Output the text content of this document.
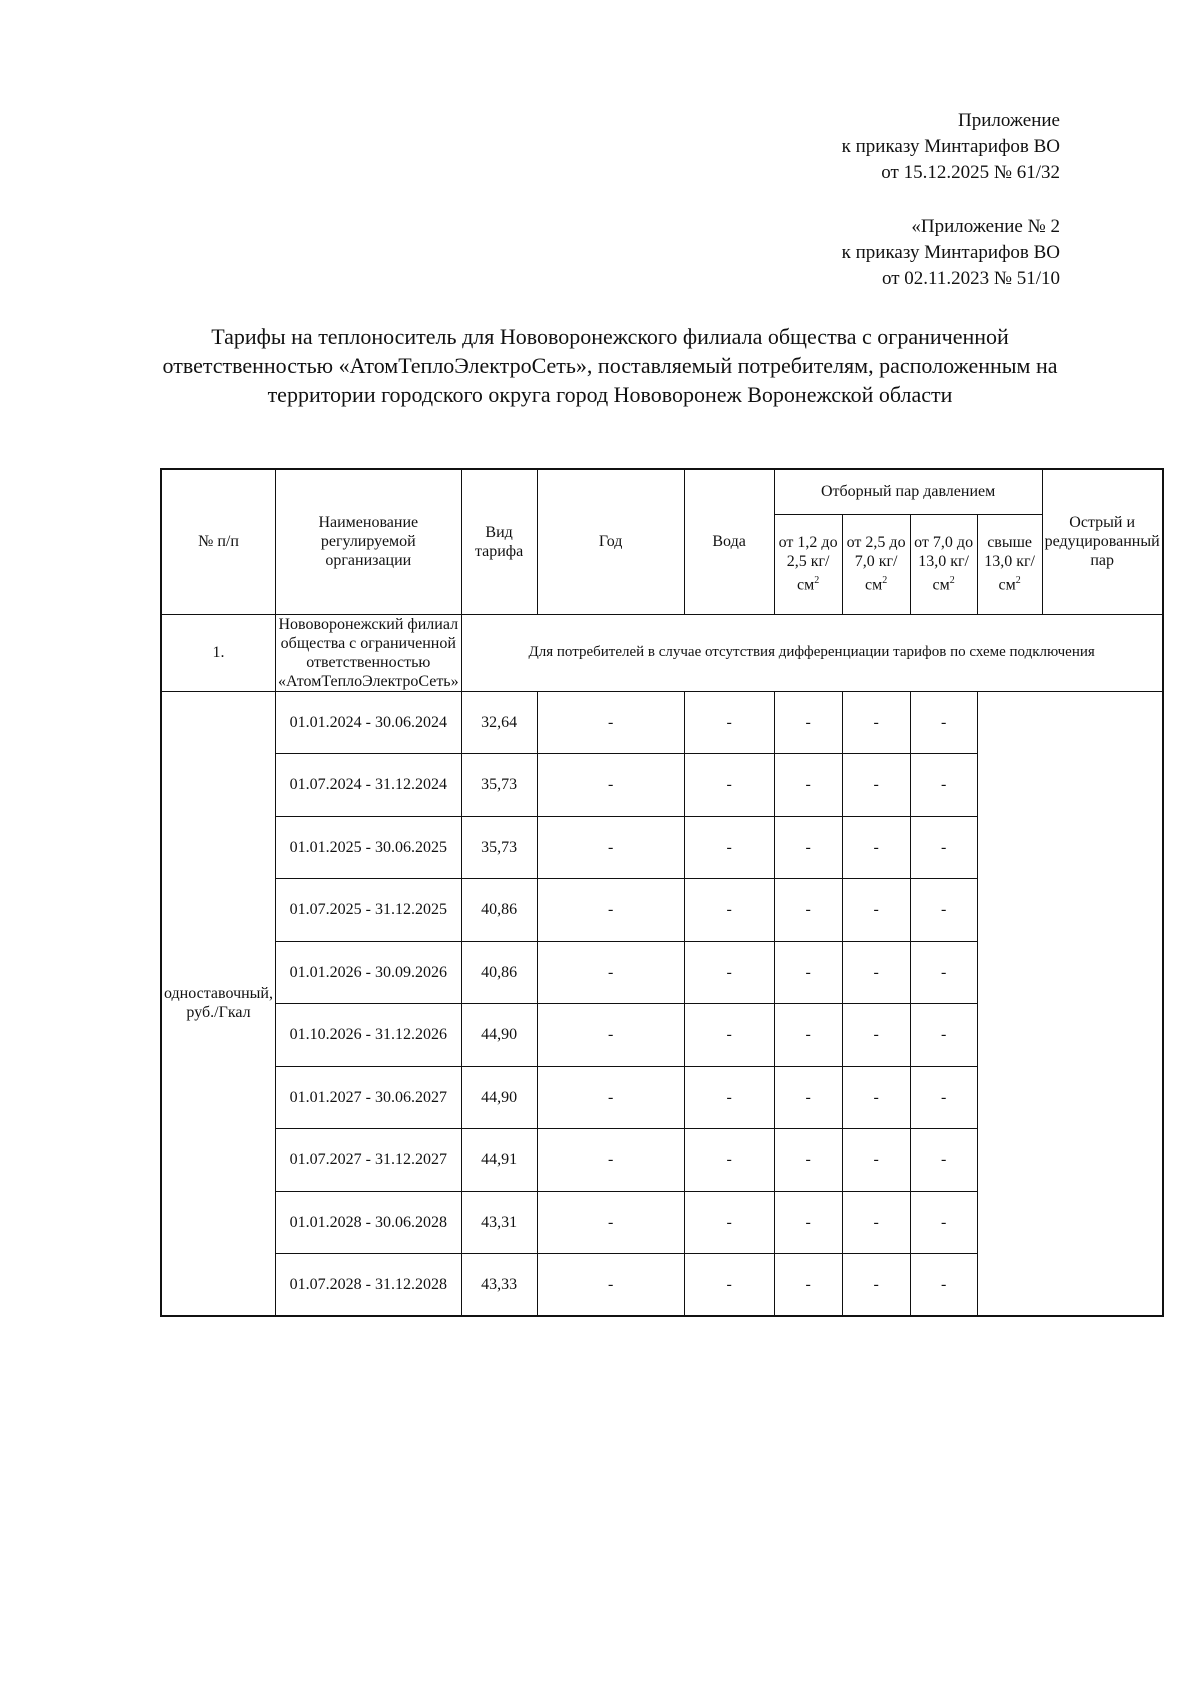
Приложение
к приказу Минтарифов ВО
от 15.12.2025 № 61/32
«Приложение № 2
к приказу Минтарифов ВО
от 02.11.2023 № 51/10
Тарифы на теплоноситель для Нововоронежского филиала общества с ограниченной ответственностью «АтомТеплоЭлектроСеть», поставляемый потребителям, расположенным на территории городского округа город Нововоронеж Воронежской области
№ п/п	Наименование регулируемой организации	Вид тарифа	Год	Вода	Отборный пар давлением				Острый и редуцированный пар
					от 1,2 до 2,5 $кг/см^2$	от 2,5 до 7,0 $кг/см^2$	от 7,0 до 13,0 $кг/см^2$	свыше 13,0 $кг/см^2$
1.	Нововоронежский филиал общества с ограниченной ответственностью «АтомТеплоЭлектроСеть»	Для потребителей в случае отсутствия дифференциации тарифов по схеме подключения							
одноставочный, руб./Гкал	01.01.2024 - 30.06.2024	32,64	-	-	-	-	-		
	01.07.2024 - 31.12.2024	35,73	-	-	-	-	-		
	01.01.2025 - 30.06.2025	35,73	-	-	-	-	-		
	01.07.2025 - 31.12.2025	40,86	-	-	-	-	-		
	01.01.2026 - 30.09.2026	40,86	-	-	-	-	-		
	01.10.2026 - 31.12.2026	44,90	-	-	-	-	-		
	01.01.2027 - 30.06.2027	44,90	-	-	-	-	-		
	01.07.2027 - 31.12.2027	44,91	-	-	-	-	-		
	01.01.2028 - 30.06.2028	43,31	-	-	-	-	-		
	01.07.2028 - 31.12.2028	43,33	-	-	-	-	-		
